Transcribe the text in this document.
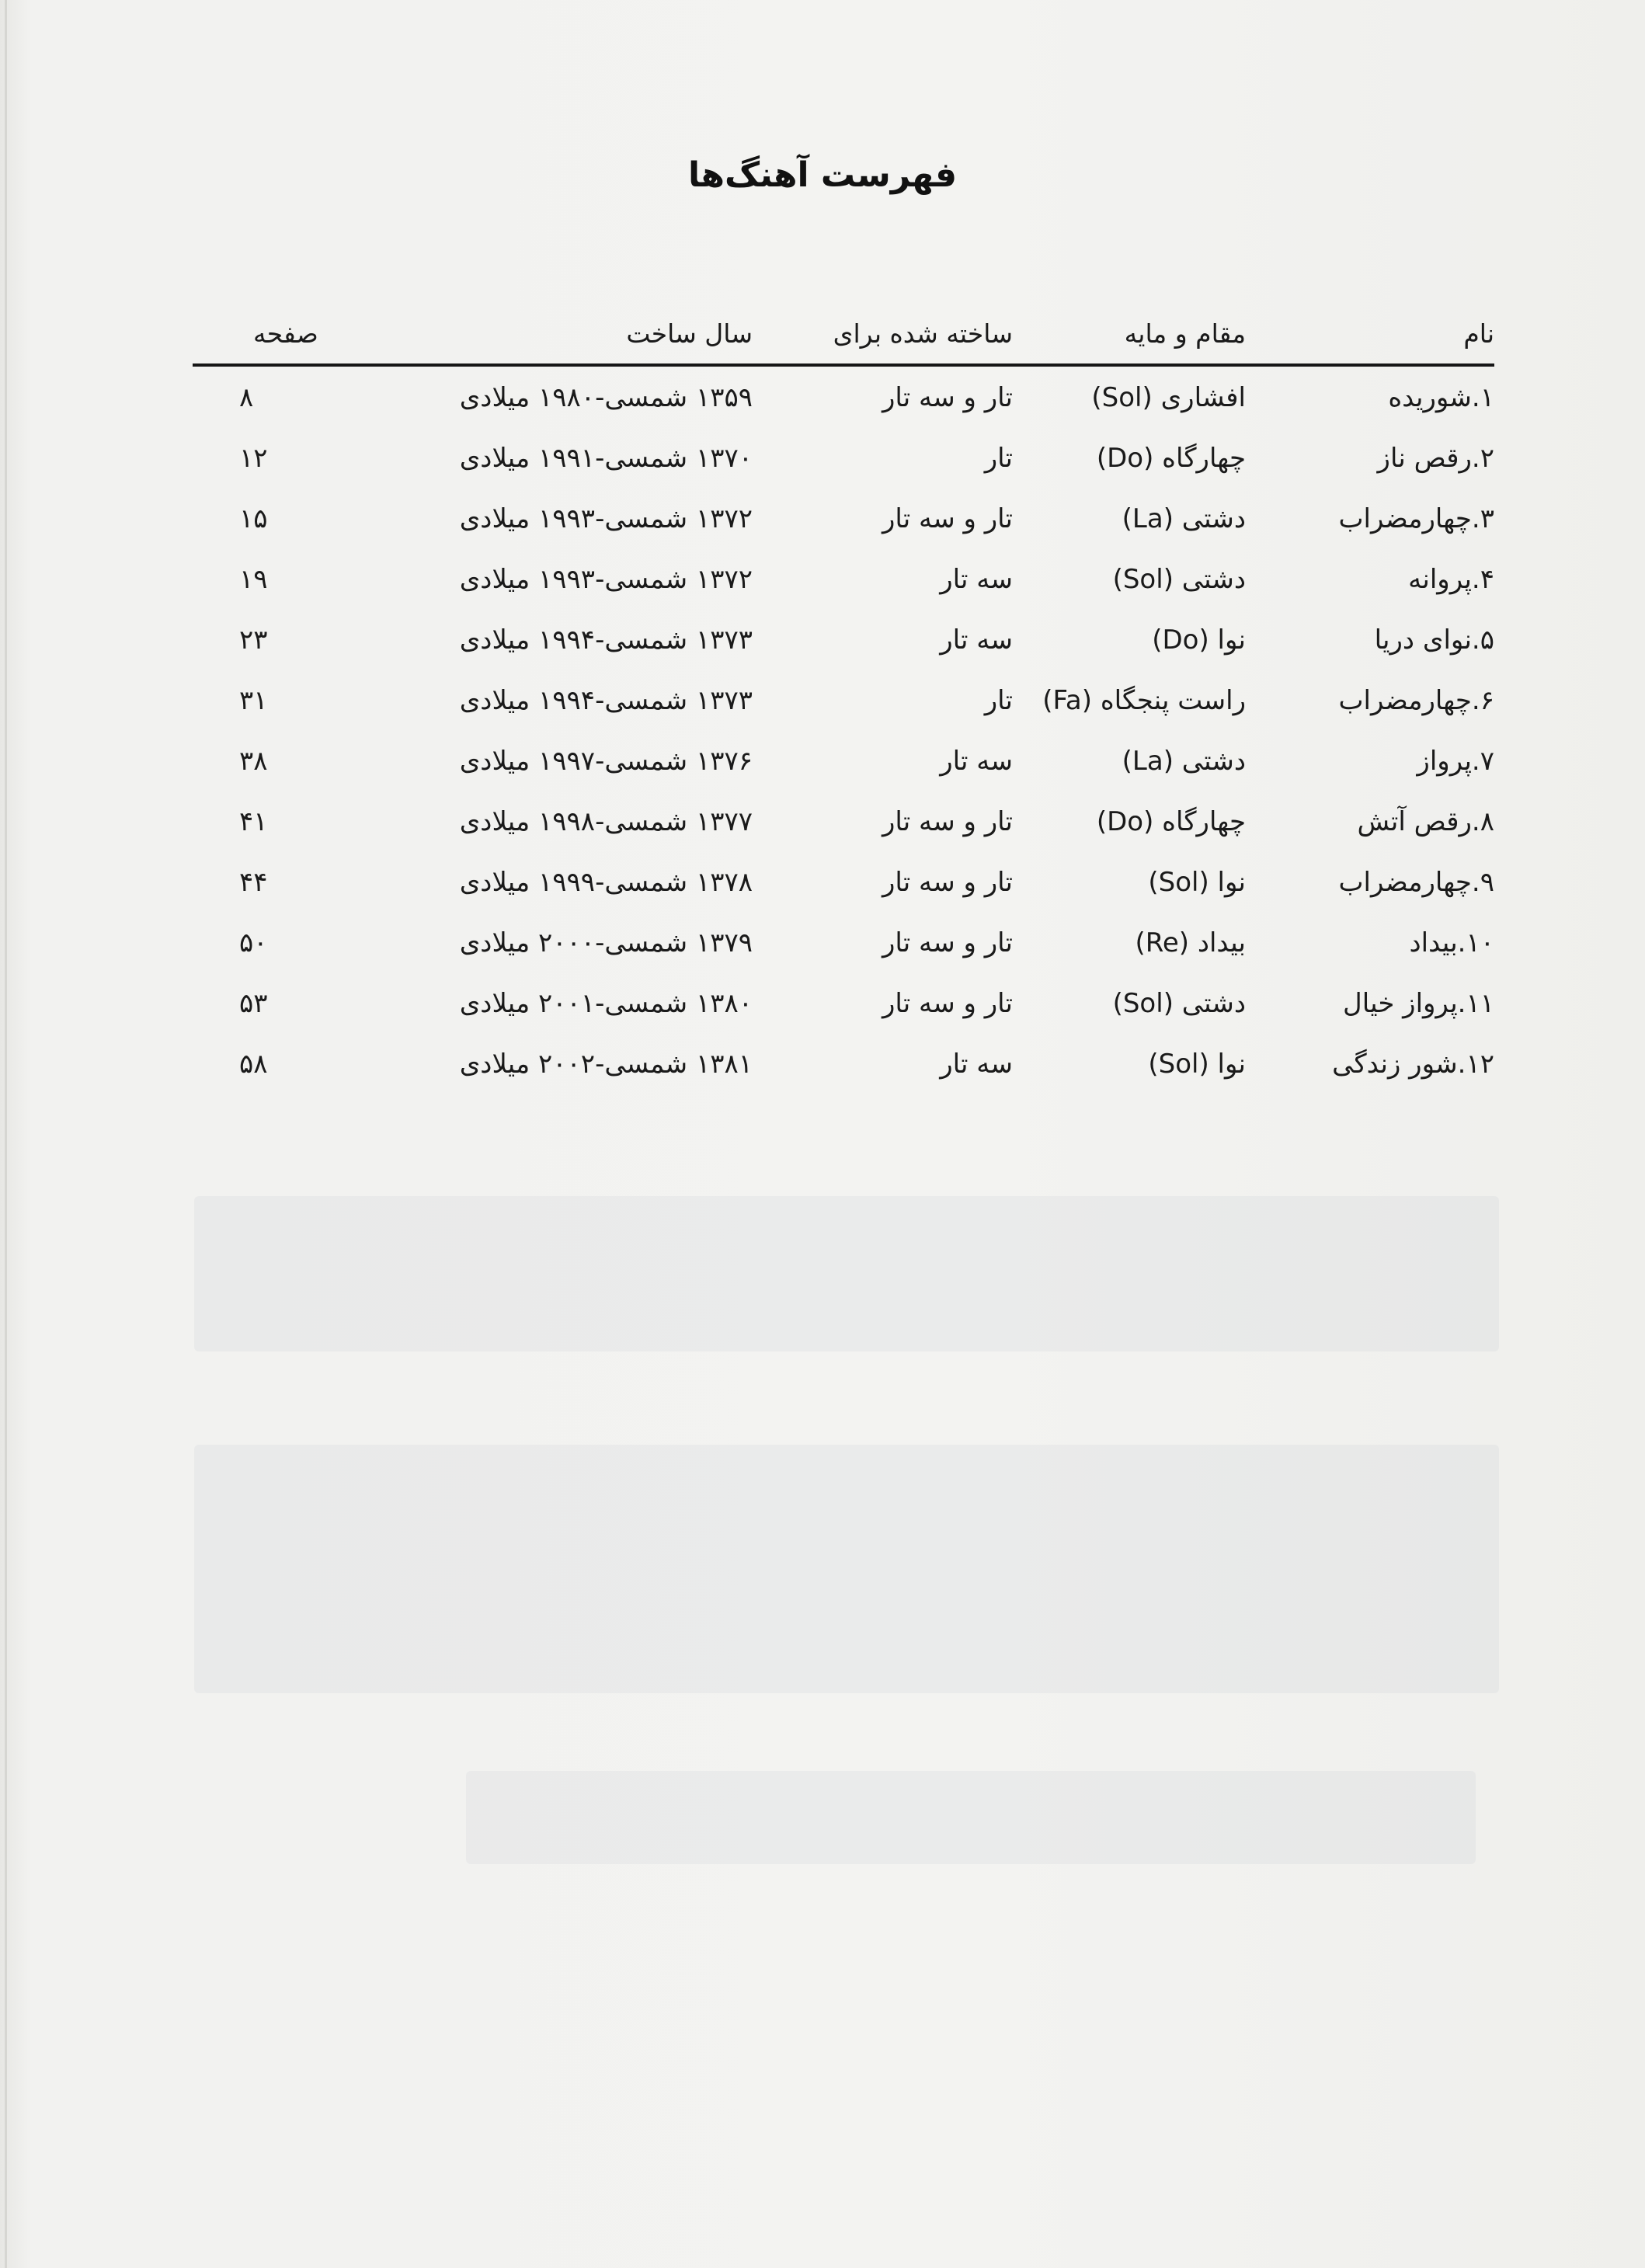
فهرست آهنگ‌ها
نام
مقام و مایه
ساخته شده برای
سال ساخت
صفحه
۱.شوریده
افشاری (Sol)
تار و سه تار
۱۳۵۹ شمسی-۱۹۸۰ میلادی
۸
۲.رقص ناز
چهارگاه (Do)
تار
۱۳۷۰ شمسی-۱۹۹۱ میلادی
۱۲
۳.چهارمضراب
دشتی (La)
تار و سه تار
۱۳۷۲ شمسی-۱۹۹۳ میلادی
۱۵
۴.پروانه
دشتی (Sol)
سه تار
۱۳۷۲ شمسی-۱۹۹۳ میلادی
۱۹
۵.نوای دریا
نوا (Do)
سه تار
۱۳۷۳ شمسی-۱۹۹۴ میلادی
۲۳
۶.چهارمضراب
راست پنجگاه (Fa)
تار
۱۳۷۳ شمسی-۱۹۹۴ میلادی
۳۱
۷.پرواز
دشتی (La)
سه تار
۱۳۷۶ شمسی-۱۹۹۷ میلادی
۳۸
۸.رقص آتش
چهارگاه (Do)
تار و سه تار
۱۳۷۷ شمسی-۱۹۹۸ میلادی
۴۱
۹.چهارمضراب
نوا (Sol)
تار و سه تار
۱۳۷۸ شمسی-۱۹۹۹ میلادی
۴۴
۱۰.بیداد
بیداد (Re)
تار و سه تار
۱۳۷۹ شمسی-۲۰۰۰ میلادی
۵۰
۱۱.پرواز خیال
دشتی (Sol)
تار و سه تار
۱۳۸۰ شمسی-۲۰۰۱ میلادی
۵۳
۱۲.شور زندگی
نوا (Sol)
سه تار
۱۳۸۱ شمسی-۲۰۰۲ میلادی
۵۸
